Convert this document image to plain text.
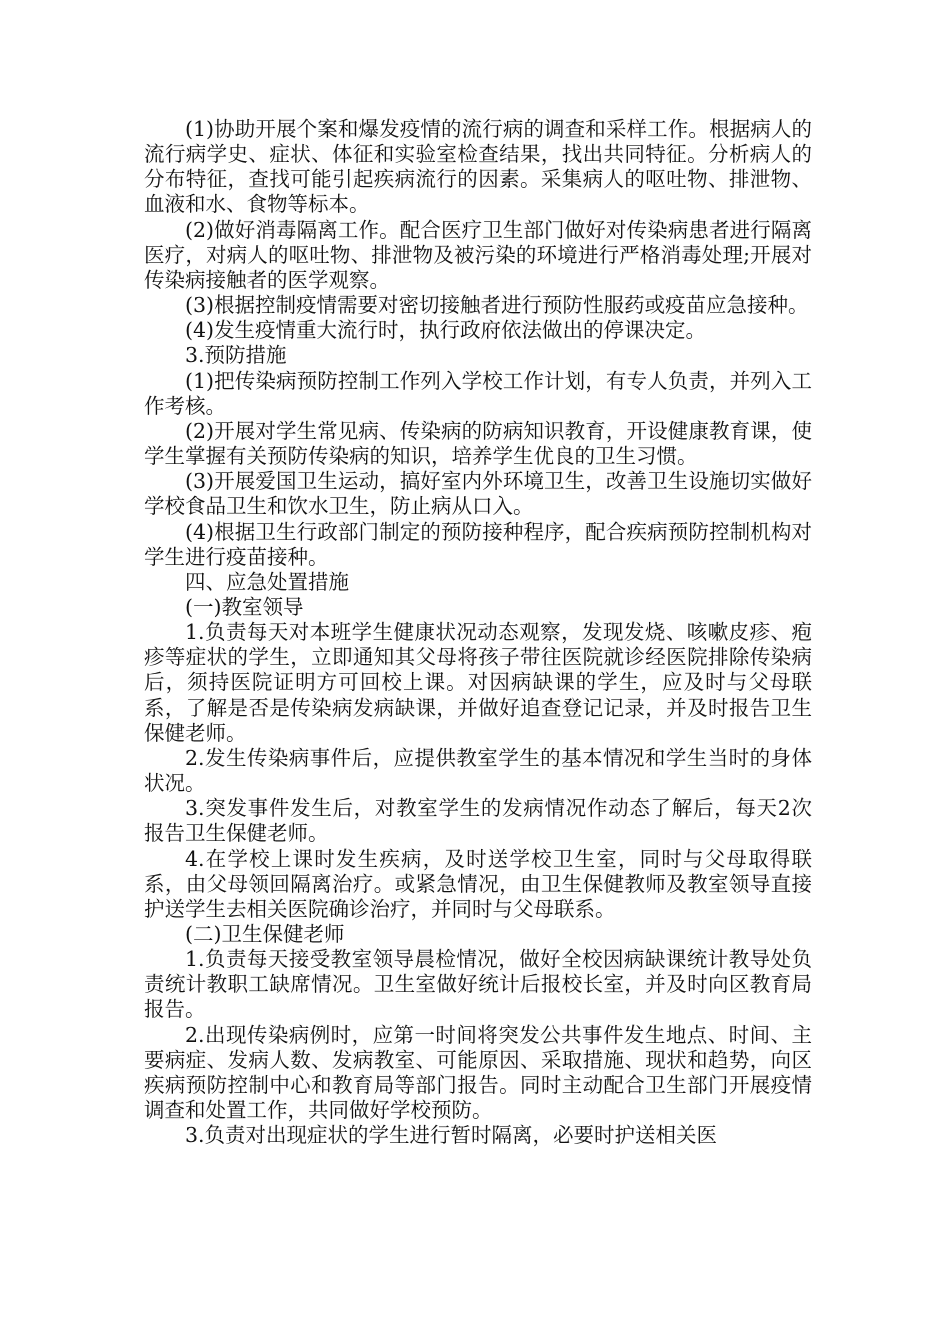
(1)协助开展个案和爆发疫情的流行病的调查和采样工作。根据病人的流行病学史、症状、体征和实验室检查结果，找出共同特征。分析病人的分布特征，查找可能引起疾病流行的因素。采集病人的呕吐物、排泄物、血液和水、食物等标本。

(2)做好消毒隔离工作。配合医疗卫生部门做好对传染病患者进行隔离医疗，对病人的呕吐物、排泄物及被污染的环境进行严格消毒处理;开展对传染病接触者的医学观察。

(3)根据控制疫情需要对密切接触者进行预防性服药或疫苗应急接种。

(4)发生疫情重大流行时，执行政府依法做出的停课决定。

3.预防措施

(1)把传染病预防控制工作列入学校工作计划，有专人负责，并列入工作考核。

(2)开展对学生常见病、传染病的防病知识教育，开设健康教育课，使学生掌握有关预防传染病的知识，培养学生优良的卫生习惯。

(3)开展爱国卫生运动，搞好室内外环境卫生，改善卫生设施切实做好学校食品卫生和饮水卫生，防止病从口入。

(4)根据卫生行政部门制定的预防接种程序，配合疾病预防控制机构对学生进行疫苗接种。

四、应急处置措施

(一)教室领导

1.负责每天对本班学生健康状况动态观察，发现发烧、咳嗽皮疹、疱疹等症状的学生，立即通知其父母将孩子带往医院就诊经医院排除传染病后，须持医院证明方可回校上课。对因病缺课的学生，应及时与父母联系，了解是否是传染病发病缺课，并做好追查登记记录，并及时报告卫生保健老师。

2.发生传染病事件后，应提供教室学生的基本情况和学生当时的身体状况。

3.突发事件发生后，对教室学生的发病情况作动态了解后，每天2次报告卫生保健老师。

4.在学校上课时发生疾病，及时送学校卫生室，同时与父母取得联系，由父母领回隔离治疗。或紧急情况，由卫生保健教师及教室领导直接护送学生去相关医院确诊治疗，并同时与父母联系。

(二)卫生保健老师

1.负责每天接受教室领导晨检情况，做好全校因病缺课统计教导处负责统计教职工缺席情况。卫生室做好统计后报校长室，并及时向区教育局报告。

2.出现传染病例时，应第一时间将突发公共事件发生地点、时间、主要病症、发病人数、发病教室、可能原因、采取措施、现状和趋势，向区疾病预防控制中心和教育局等部门报告。同时主动配合卫生部门开展疫情调查和处置工作，共同做好学校预防。

3.负责对出现症状的学生进行暂时隔离，必要时护送相关医
